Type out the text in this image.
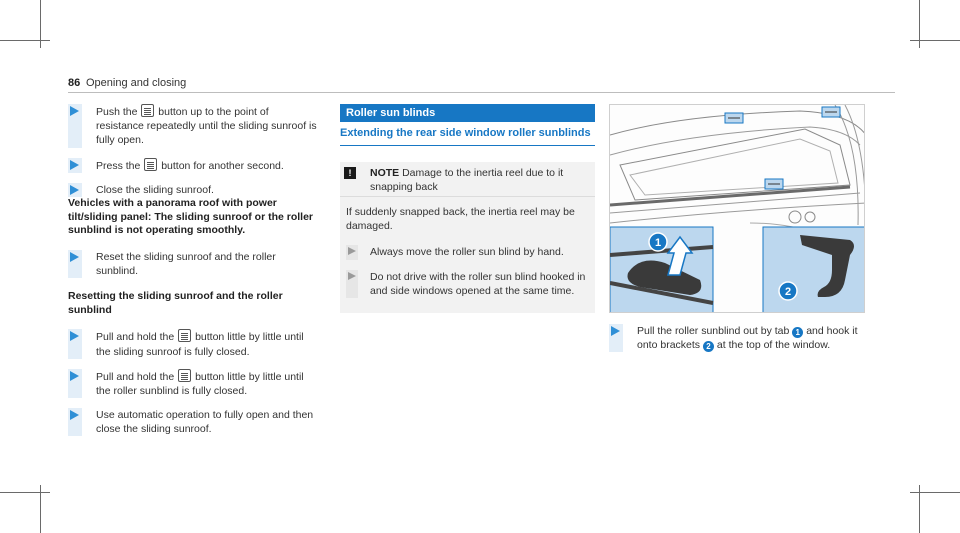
86 Opening and closing

Push the button up to the point of resistance repeatedly until the sliding sunroof is fully open.

Press the button for another second.

Close the sliding sunroof.

Vehicles with a panorama roof with power tilt/sliding panel: The sliding sunroof or the roller sunblind is not operating smoothly.

Reset the sliding sunroof and the roller sunblind.

Resetting the sliding sunroof and the roller sunblind

Pull and hold the button little by little until the sliding sunroof is fully closed.

Pull and hold the button little by little until the roller sunblind is fully closed.

Use automatic operation to fully open and then close the sliding sunroof.

Roller sun blinds
Extending the rear side window roller sunblinds
!	NOTE Damage to the inertia reel due to it snapping back

If suddenly snapped back, the inertia reel may be damaged.

Always move the roller sun blind by hand.
Do not drive with the roller sun blind hooked in and side windows opened at the same time.
1
2

Pull the roller sunblind out by tab 1 and hook it onto brackets 2 at the top of the window.
